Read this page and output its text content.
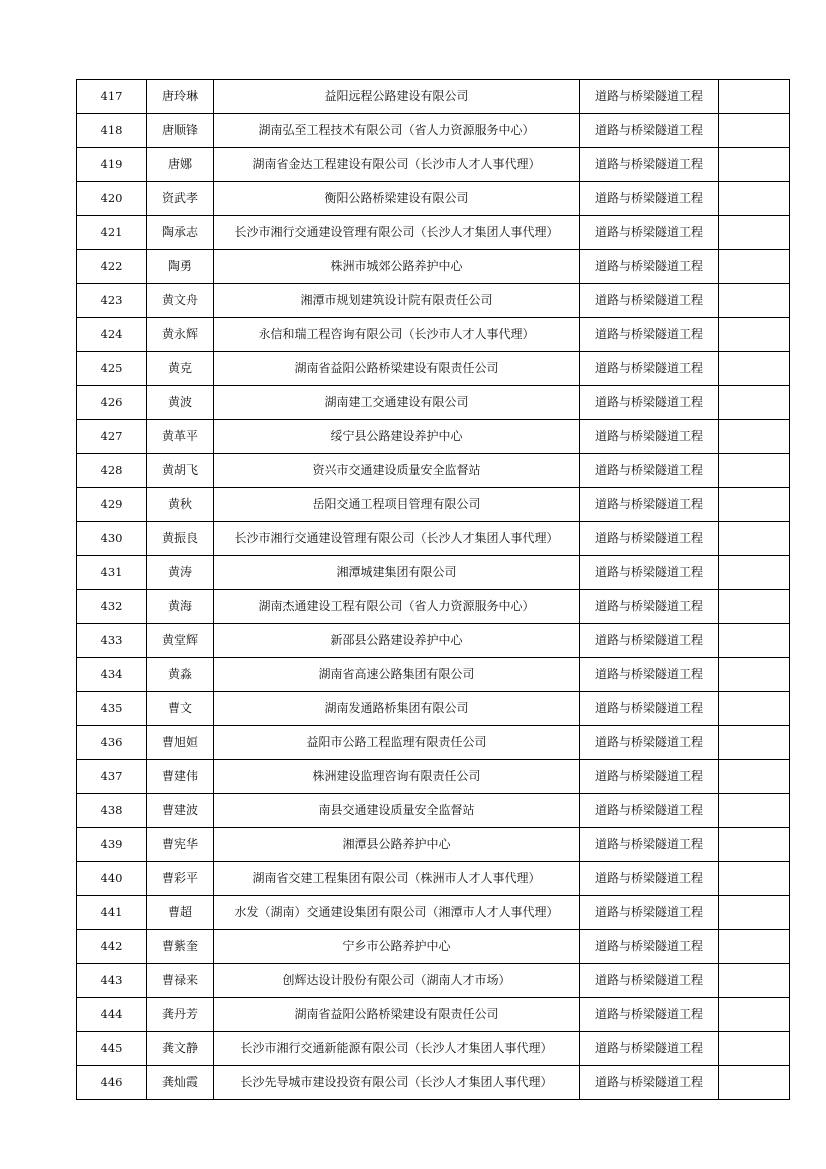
417	唐玲琳	益阳远程公路建设有限公司	道路与桥梁隧道工程	
418	唐顺锋	湖南弘至工程技术有限公司（省人力资源服务中心）	道路与桥梁隧道工程	
419	唐娜	湖南省金达工程建设有限公司（长沙市人才人事代理）	道路与桥梁隧道工程	
420	资武孝	衡阳公路桥梁建设有限公司	道路与桥梁隧道工程	
421	陶承志	长沙市湘行交通建设管理有限公司（长沙人才集团人事代理）	道路与桥梁隧道工程	
422	陶勇	株洲市城郊公路养护中心	道路与桥梁隧道工程	
423	黄文舟	湘潭市规划建筑设计院有限责任公司	道路与桥梁隧道工程	
424	黄永辉	永信和瑞工程咨询有限公司（长沙市人才人事代理）	道路与桥梁隧道工程	
425	黄克	湖南省益阳公路桥梁建设有限责任公司	道路与桥梁隧道工程	
426	黄波	湖南建工交通建设有限公司	道路与桥梁隧道工程	
427	黄革平	绥宁县公路建设养护中心	道路与桥梁隧道工程	
428	黄胡飞	资兴市交通建设质量安全监督站	道路与桥梁隧道工程	
429	黄秋	岳阳交通工程项目管理有限公司	道路与桥梁隧道工程	
430	黄振良	长沙市湘行交通建设管理有限公司（长沙人才集团人事代理）	道路与桥梁隧道工程	
431	黄涛	湘潭城建集团有限公司	道路与桥梁隧道工程	
432	黄海	湖南杰通建设工程有限公司（省人力资源服务中心）	道路与桥梁隧道工程	
433	黄堂辉	新邵县公路建设养护中心	道路与桥梁隧道工程	
434	黄淼	湖南省高速公路集团有限公司	道路与桥梁隧道工程	
435	曹文	湖南发通路桥集团有限公司	道路与桥梁隧道工程	
436	曹旭姮	益阳市公路工程监理有限责任公司	道路与桥梁隧道工程	
437	曹建伟	株洲建设监理咨询有限责任公司	道路与桥梁隧道工程	
438	曹建波	南县交通建设质量安全监督站	道路与桥梁隧道工程	
439	曹宪华	湘潭县公路养护中心	道路与桥梁隧道工程	
440	曹彩平	湖南省交建工程集团有限公司（株洲市人才人事代理）	道路与桥梁隧道工程	
441	曹超	水发（湖南）交通建设集团有限公司（湘潭市人才人事代理）	道路与桥梁隧道工程	
442	曹紫奎	宁乡市公路养护中心	道路与桥梁隧道工程	
443	曹禄来	创辉达设计股份有限公司（湖南人才市场）	道路与桥梁隧道工程	
444	龚丹芳	湖南省益阳公路桥梁建设有限责任公司	道路与桥梁隧道工程	
445	龚文静	长沙市湘行交通新能源有限公司（长沙人才集团人事代理）	道路与桥梁隧道工程	
446	龚灿霞	长沙先导城市建设投资有限公司（长沙人才集团人事代理）	道路与桥梁隧道工程	
